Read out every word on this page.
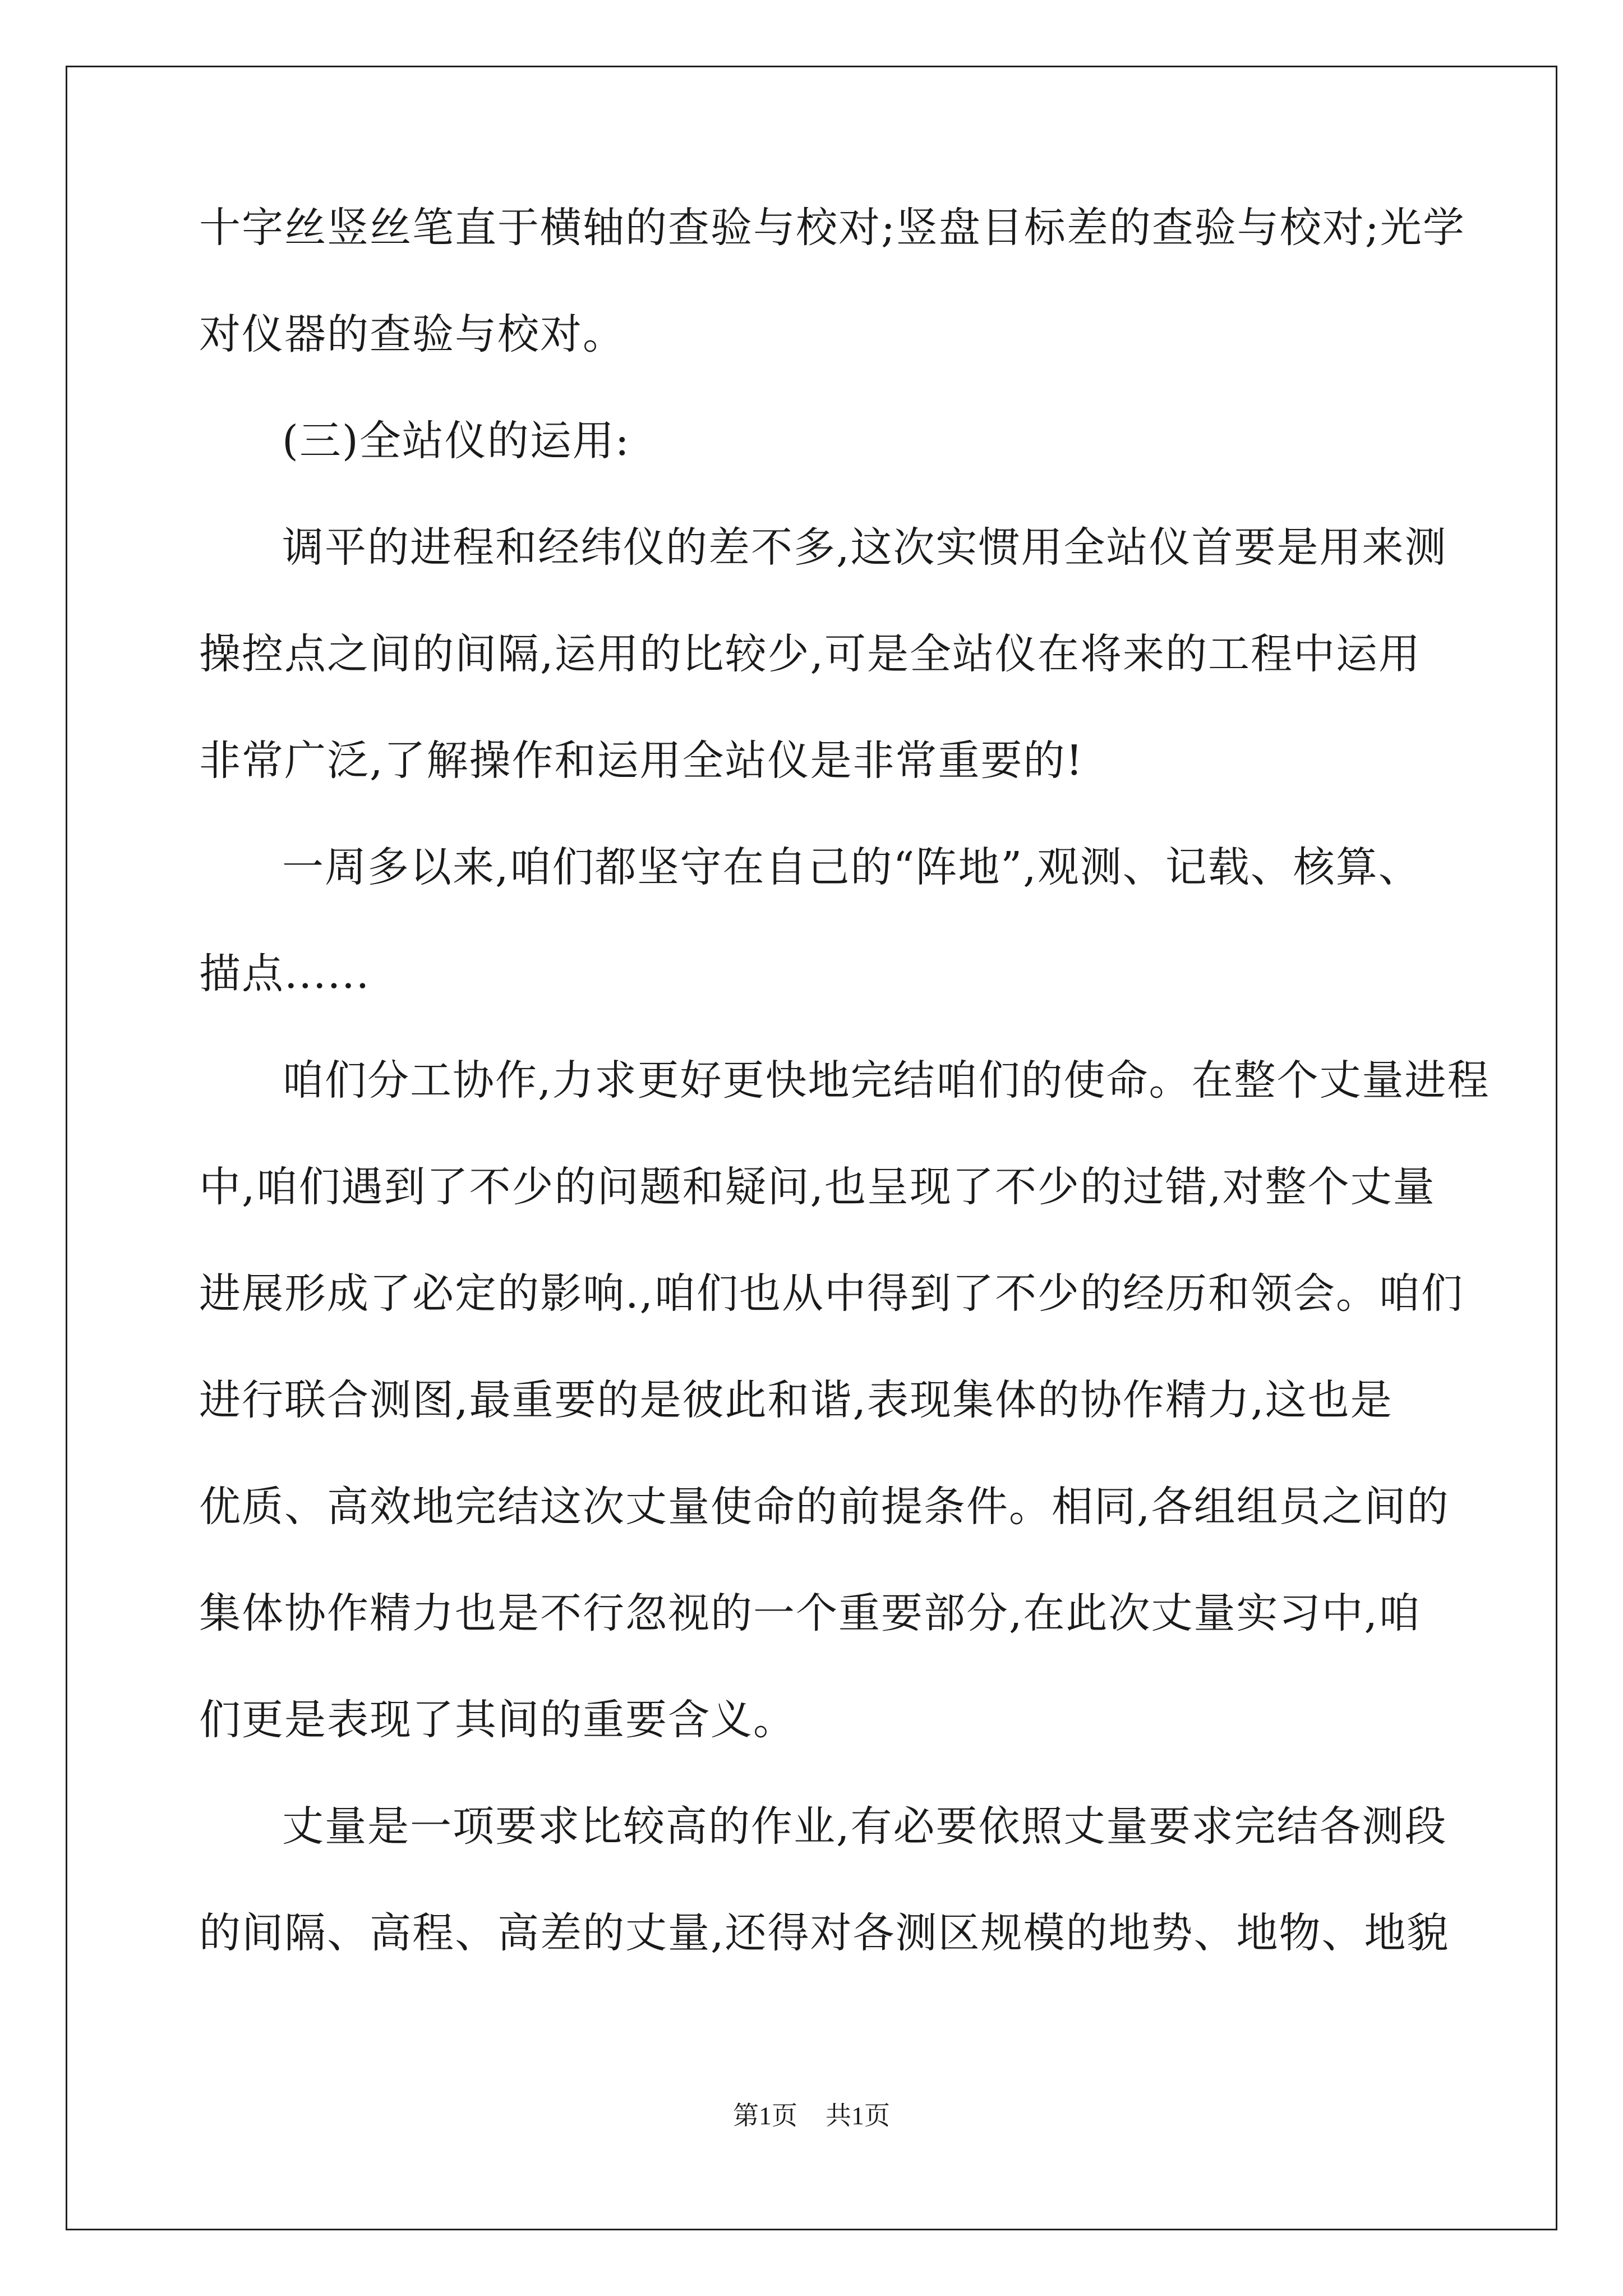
十字丝竖丝笔直于横轴的查验与校对;竖盘目标差的查验与校对;光学
对仪器的查验与校对。
(三)全站仪的运用:
调平的进程和经纬仪的差不多,这次实惯用全站仪首要是用来测
操控点之间的间隔,运用的比较少,可是全站仪在将来的工程中运用
非常广泛,了解操作和运用全站仪是非常重要的!
一周多以来,咱们都坚守在自己的“阵地”,观测、记载、核算、
描点......
咱们分工协作,力求更好更快地完结咱们的使命。在整个丈量进程
中,咱们遇到了不少的问题和疑问,也呈现了不少的过错,对整个丈量
进展形成了必定的影响.,咱们也从中得到了不少的经历和领会。咱们
进行联合测图,最重要的是彼此和谐,表现集体的协作精力,这也是
优质、高效地完结这次丈量使命的前提条件。相同,各组组员之间的
集体协作精力也是不行忽视的一个重要部分,在此次丈量实习中,咱
们更是表现了其间的重要含义。
丈量是一项要求比较高的作业,有必要依照丈量要求完结各测段
的间隔、高程、高差的丈量,还得对各测区规模的地势、地物、地貌
第1页 共1页
